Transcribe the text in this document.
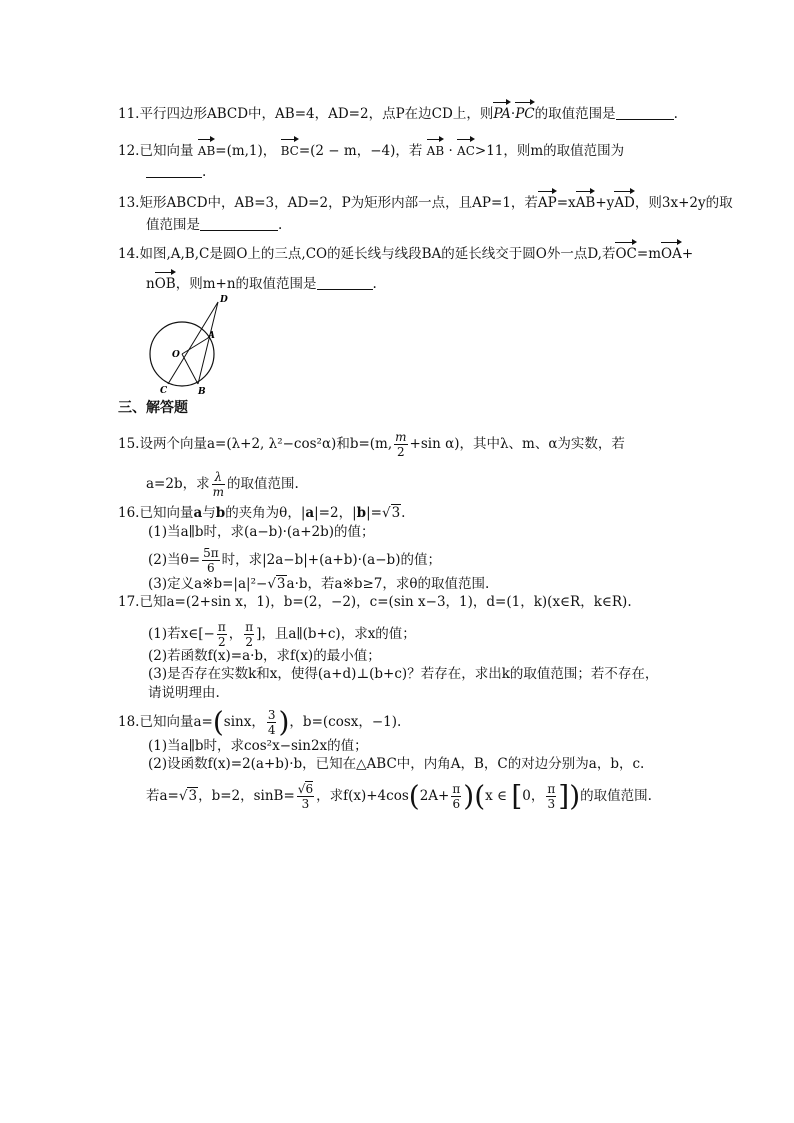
11.平行四边形ABCD中，AB=4，AD=2，点P在边CD上，则PA·PC的取值范围是	.
12.已知向量 AB=(m,1)， BC=(2 − m，−4)，若 AB · AC>11，则m的取值范围为
.
13.矩形ABCD中，AB=3，AD=2，P为矩形内部一点，且AP=1，若AP=xAB+yAD，则3x+2y的取
值范围是	.
14.如图,A,B,C是圆O上的三点,CO的延长线与线段BA的延长线交于圆O外一点D,若OC=mOA+
nOB，则m+n的取值范围是	.
D
A
O
C	B
三、解答题
15.设两个向量a=(λ+2, λ²−cos²α)和b=(m, $\frac{m}{2} +\sin$ α)，其中λ、m、α为实数，若
a=2b，求 $\frac{\lambda}{m}$ 的取值范围.
16.已知向量a与b的夹角为θ，|a|=2，|b|=√3.
(1)当a∥b时，求(a−b)·(a+2b)的值；
(2)当$\theta= \frac{5\pi}{6}$ 时，求|2a−b|+(a+b)·(a−b)的值；
(3)定义a※b=|a|²−√3a·b，若a※b≥7，求θ的取值范围.
17.已知a=(2+sin x，1)，b=(2，−2)，c=(sin x−3，1)，d=(1，k)(x∈R，k∈R).
(1)若x∈[− $\frac{\pi}{2}$ ， $\frac{\pi}{2}$ ]，且a∥(b+c)，求x的值；
(2)若函数f(x)=a·b，求f(x)的最小值；
(3)是否存在实数k和x，使得(a+d)⊥(b+c)？若存在，求出k的取值范围；若不存在，
请说明理由.
18.已知向量a=(sinx， $\frac{3}{4}$ )，b=(cosx，−1).
(1)当a∥b时，求cos²x−sin2x的值；
(2)设函数f(x)=2(a+b)·b，已知在△ABC中，内角A，B，C的对边分别为a，b，c.
若a=√3，b=2，$\sin B= \frac{√6}{3}$ ，求$f(x)+4\cos(2A+ \frac{\pi}{6} )(x$ ∈ [0， $\frac{\pi}{3}$ ])的取值范围.
